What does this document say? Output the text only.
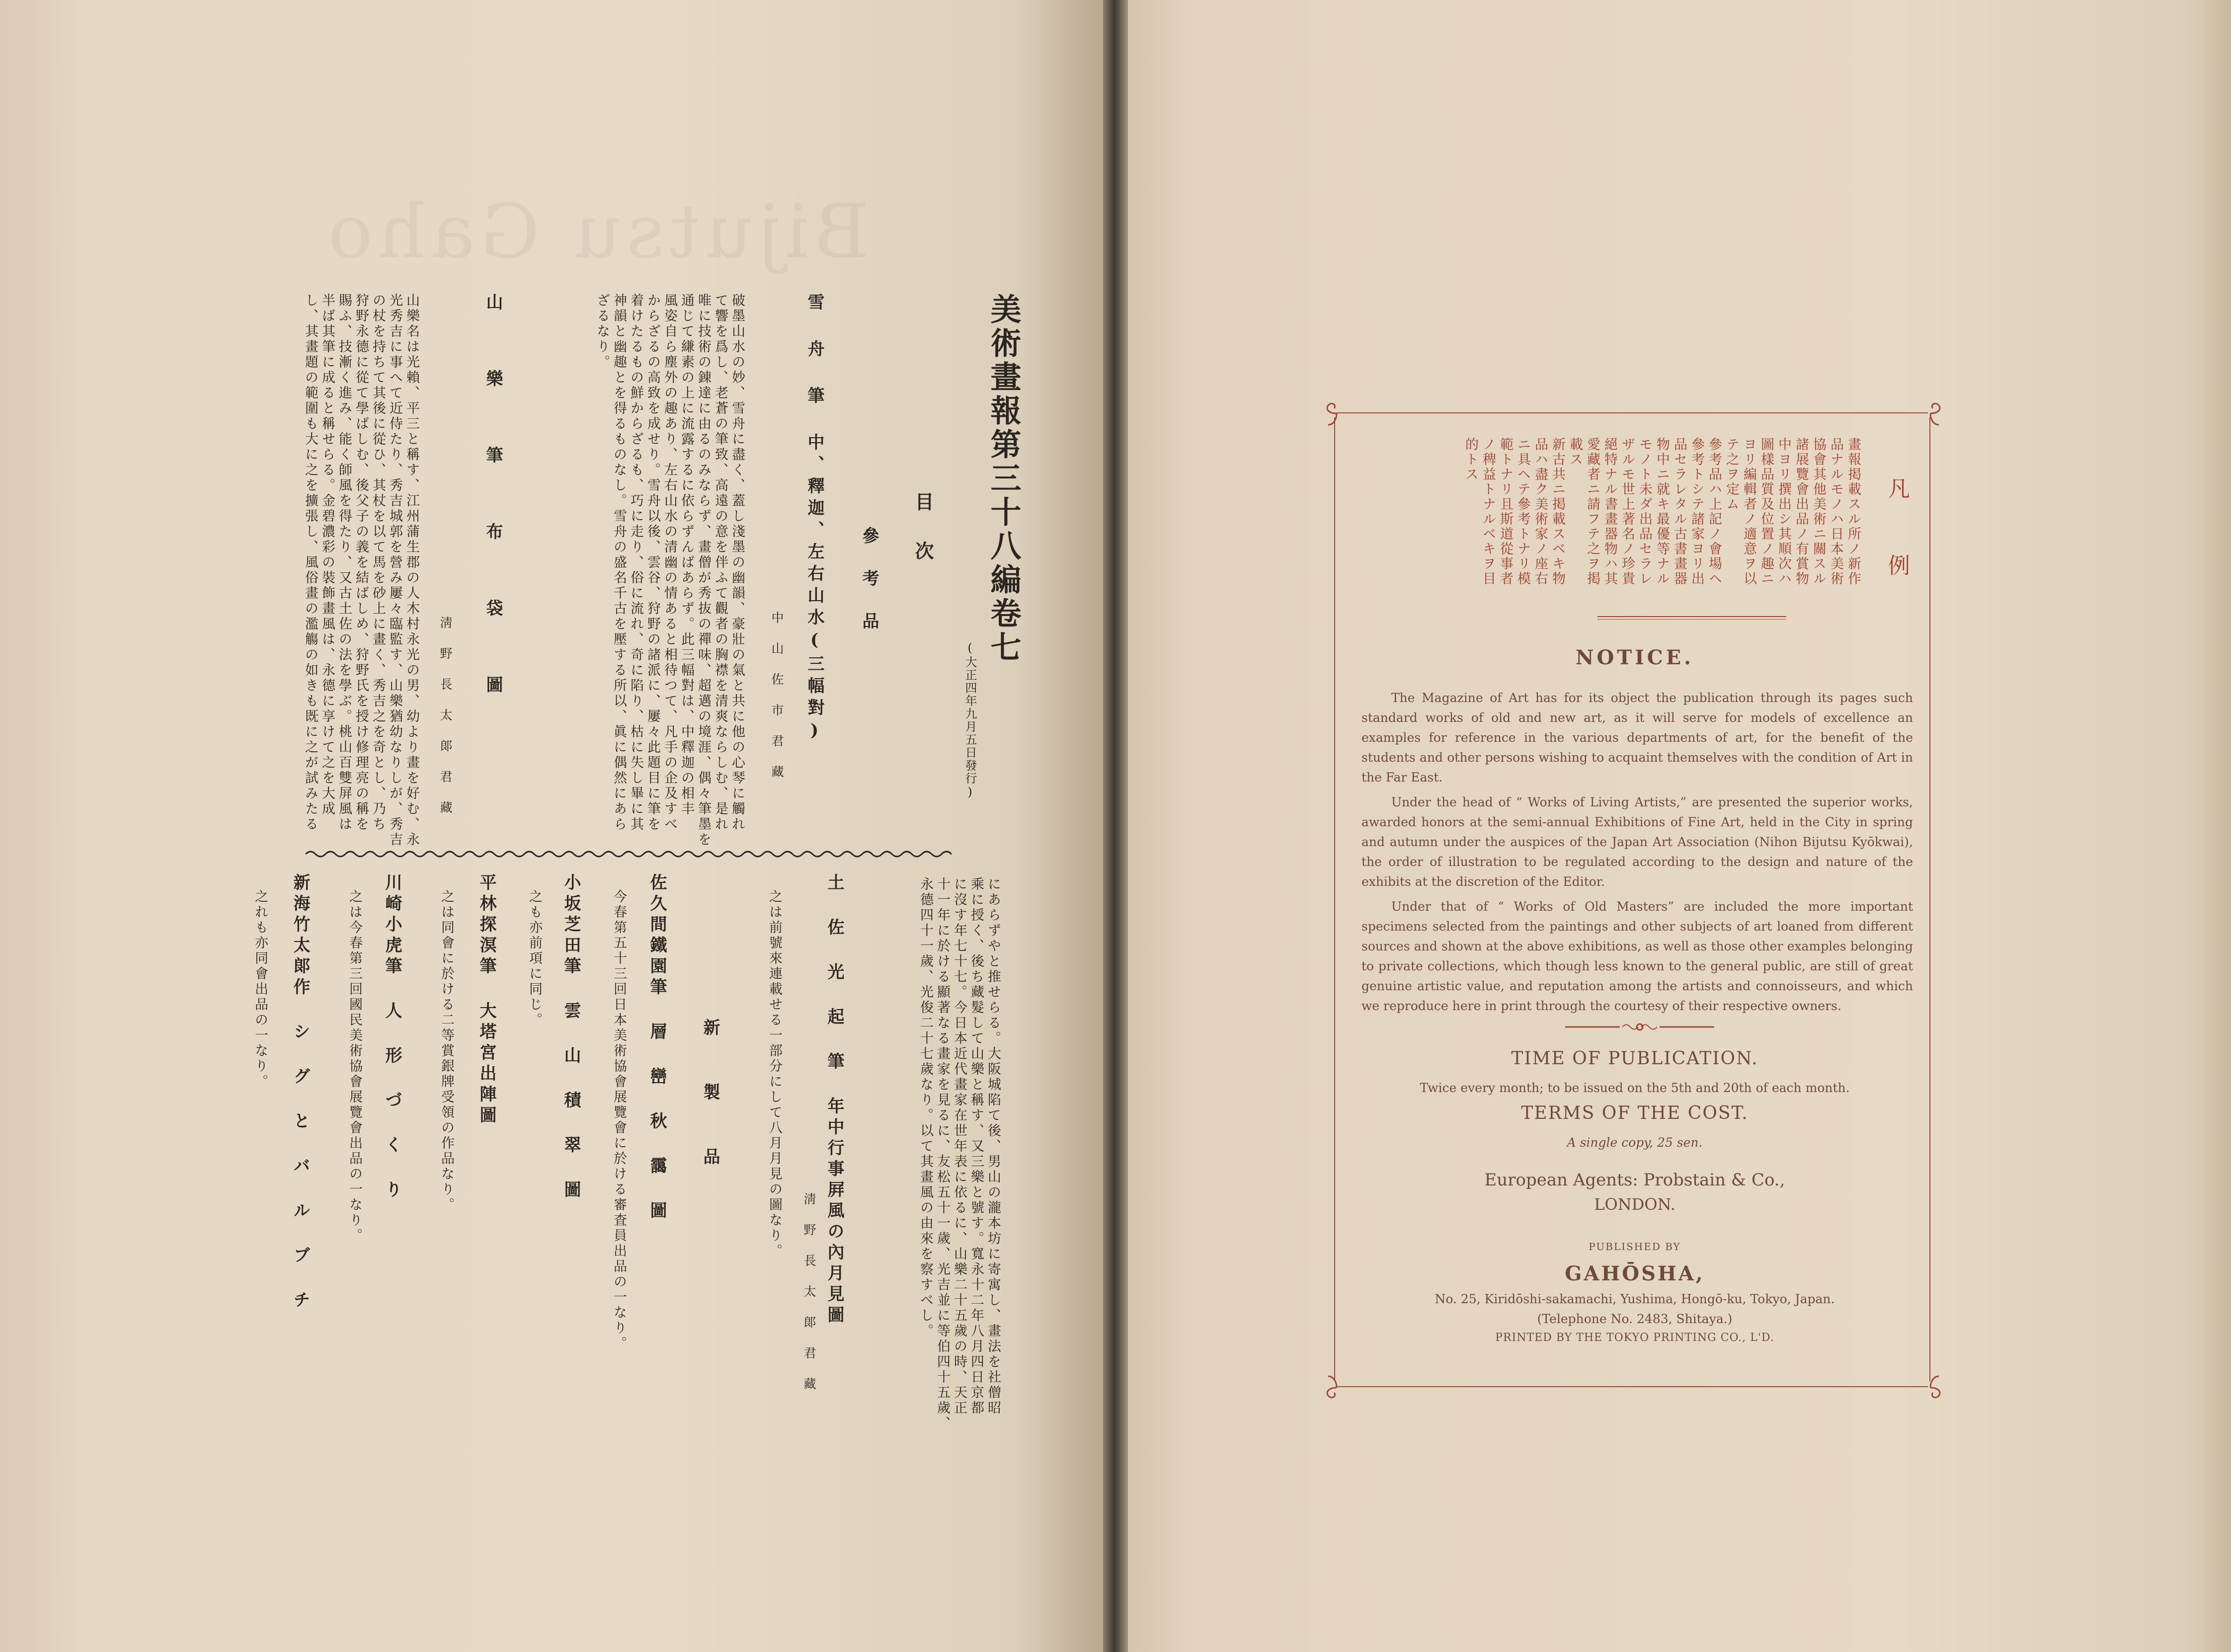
Bijutsu Gaho
美術畫報第三十八編卷七
(大正四年九月五日發行)
目 次
參 考 品
雪 舟 筆 中、釋迦、左右山水(三幅對)
中 山 佐 市 君 藏
破墨山水の妙、雪舟に盡く、蓋し淺墨の幽韻、豪壯の氣と共に他の心琴に觸れ
て響を爲し、老蒼の筆致、高遠の意を伴ふて觀者の胸襟を清爽ならしむ、是れ
唯に技術の錬達に由るのみならず、畫僧が秀抜の禪味、超邁の境涯、偶々筆墨を
通じて縑素の上に流露するに依らずんばあらず。此三幅對は、中釋迦の相丰
風姿自ら塵外の趣あり、左右山水の清幽の情あると相待つて、凡手の企及すべ
からざるの高致を成せり。雪舟以後、雲谷、狩野の諸派に、屢々此題目に筆を
着けたるもの鮮からざるも、巧に走り、俗に流れ、奇に陷り、枯に失し畢に其
神韻と幽趣とを得るものなし。雪舟の盛名千古を壓する所以、眞に偶然にあら
ざるなり。
山 樂 筆 布 袋 圖
淸 野 長 太 郞 君 藏
山樂名は光賴、平三と稱す、江州蒲生郡の人木村永光の男、幼より畫を好む、永
光秀吉に事へて近侍たり、秀吉城郭を營み屢々臨監す、山樂猶幼なりしが、秀吉
の杖を持ちて其後に從ひ、其杖を以て馬を砂上に畫く、秀吉之を奇とし、乃ち
狩野永德に從て學ばしむ、後父子の義を結ばしめ、狩野氏を授け修理亮の稱を
賜ふ、技漸く進み、能く師風を得たり、又古土佐の法を學ぶ。桃山百雙屏風は
半ば其筆に成ると稱せらる。金碧濃彩の裝飾畫風は、永德に享けて之を大成
し、其畫題の範圍も大に之を擴張し、風俗畫の濫觴の如きも既に之が試みたる
にあらずやと推せらる。大阪城陷て後、男山の瀧本坊に寄寓し、畫法を社僧昭
乘に授く、後ち藏髮して山樂と稱す、又三樂と號す。寬永十二年八月四日京都
に沒す年七十七。今日本近代畫家在世年表に依るに、山樂二十五歲の時、天正
十一年に於ける顯著なる畫家を見るに、友松五十一歲、光吉並に等伯四十五歲、
永德四十一歲、光俊二十七歲なり。以て其畫風の由來を察すべし。
土 佐 光 起 筆 年中行事屛風の內月見圖
淸 野 長 太 郞 君 藏
之は前號來連載せる一部分にして八月月見の圖なり。
新 製 品
佐久間鐵園筆 層 巒 秋 靄 圖
今春第五十三回日本美術協會展覽會に於ける審査員出品の一なり。
小坂芝田筆 雲 山 積 翠 圖
之も亦前項に同じ。
平林探溟筆 大塔宮出陣圖
之は同會に於ける二等賞銀牌受領の作品なり。
川崎小虎筆 人 形 づ く り
之は今春第三回國民美術協會展覽會出品の一なり。
新海竹太郞作 シ グ と バ ル ブ チ
之れも亦同會出品の一なり。
凡 例
畫報掲載スル所ノ新作
品ナルモノハ日本美術
協會其他美術ニ關スル
諸展覽會出品ノ有賞物
中ヨリ撰出シ其順次ハ
圖樣品質及位置ノ趣ニ
ヨリ編輯者ノ適意ヲ以
テ之ヲ定ム
參考品ハ上記ノ會場ヘ
參考トシテ諸家ヨリ出
品セラレタル古書畫器
物中ニ就キ最優等ナル
モノト未ダ出品セラレ
ザルモ世上著名ノ珍貴
絕特ナル書畫器物ハ其
愛藏者ニ請フテ之ヲ掲
載ス
新古共ニ掲載スベキ物
品ハ盡ク美術家ノ座右
ニ具ヘテ參考トナリ模
範トナリ且斯道從事者
ノ稗益トナルベキヲ目
的トス
NOTICE.

The Magazine of Art has for its object the publication through its pages such standard works of old and new art, as it will serve for models of excellence an examples for reference in the various departments of art, for the benefit of the students and other persons wishing to acquaint themselves with the condition of Art in the Far East.

Under the head of “ Works of Living Artists,” are presented the superior works, awarded honors at the semi-annual Exhibitions of Fine Art, held in the City in spring and autumn under the auspices of the Japan Art Association (Nihon Bijutsu Kyōkwai), the order of illustration to be regulated according to the design and nature of the exhibits at the discretion of the Editor.

Under that of “ Works of Old Masters” are included the more important specimens selected from the paintings and other subjects of art loaned from different sources and shown at the above exhibitions, as well as those other examples belonging to private collections, which though less known to the general public, are still of great genuine artistic value, and reputation among the artists and connoisseurs, and which we reproduce here in print through the courtesy of their respective owners.

TIME OF PUBLICATION.
Twice every month; to be issued on the 5th and 20th of each month.
TERMS OF THE COST.
A single copy, 25 sen.
European Agents: Probstain & Co.,
LONDON.
PUBLISHED BY
GAHŌSHA,
No. 25, Kiridōshi-sakamachi, Yushima, Hongō-ku, Tokyo, Japan.
(Telephone No. 2483, Shitaya.)
PRINTED BY THE TOKYO PRINTING CO., L'D.
